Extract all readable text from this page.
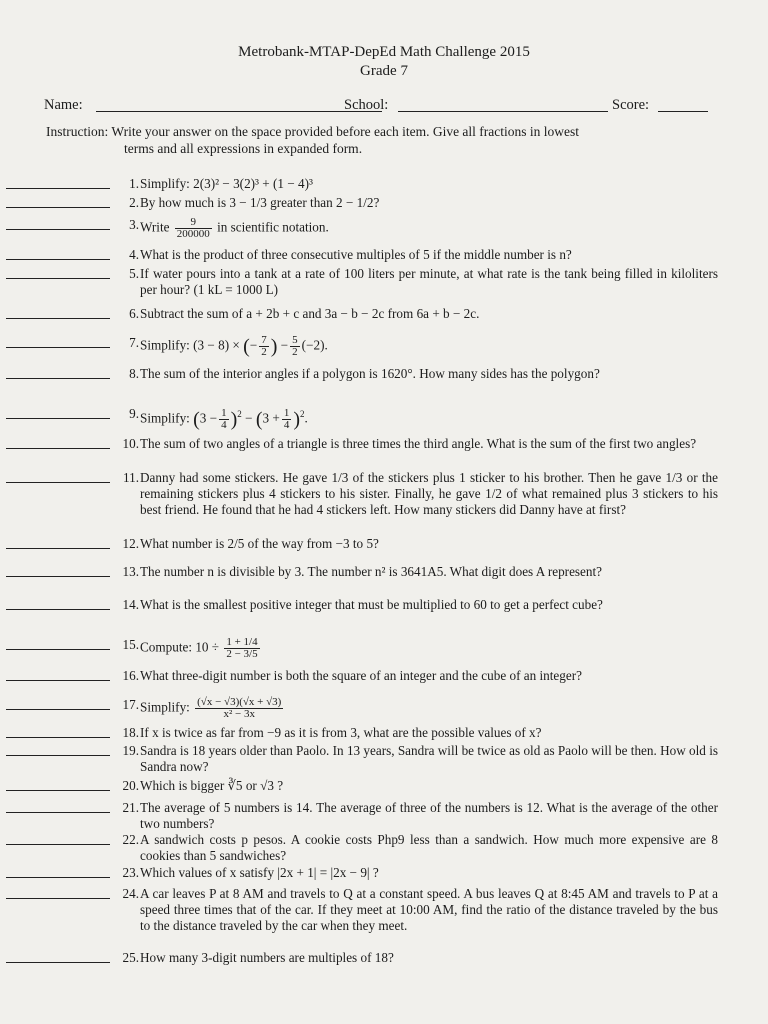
Metrobank-MTAP-DepEd Math Challenge 2015
Grade 7
Name:	School:	Score:
Instruction: Write your answer on the space provided before each item. Give all fractions in lowest
terms and all expressions in expanded form.
1. Simplify: 2(3)² − 3(2)³ + (1 − 4)³
2. By how much is 3 − 1/3 greater than 2 − 1/2?
3. Write $\frac{9}{200000}$ in scientific notation.
4. What is the product of three consecutive multiples of 5 if the middle number is n?
5. If water pours into a tank at a rate of 100 liters per minute, at what rate is the tank being filled in kiloliters per hour? (1 kL = 1000 L)
6. Subtract the sum of a + 2b + c and 3a − b − 2c from 6a + b − 2c.
7. Simplify: (3 − 8) × (− $\frac{7}{2}$ ) − $\frac{5}{2} (-2)$.
8. The sum of the interior angles if a polygon is 1620°. How many sides has the polygon?
9. Simplify: $(3 - \frac{1}{4} )^2 - (3 + \frac{1}{4} )^2$.
10. The sum of two angles of a triangle is three times the third angle. What is the sum of the first two angles?
11. Danny had some stickers. He gave 1/3 of the stickers plus 1 sticker to his brother. Then he gave 1/3 or the remaining stickers plus 4 stickers to his sister. Finally, he gave 1/2 of what remained plus 3 stickers to his best friend. He found that he had 4 stickers left. How many stickers did Danny have at first?
12. What number is 2/5 of the way from −3 to 5?
13. The number n is divisible by 3. The number n² is 3641A5. What digit does A represent?
14. What is the smallest positive integer that must be multiplied to 60 to get a perfect cube?
15. Compute: $10 \div \frac{1 + 1/4}{2 - 3/5}$
16. What three-digit number is both the square of an integer and the cube of an integer?
17. Simplify: $\frac{(√x - √3)(√x + √3)}{\text{x² − 3x}}$
18. If x is twice as far from −9 as it is from 3, what are the possible values of x?
19. Sandra is 18 years older than Paolo. In 13 years, Sandra will be twice as old as Paolo will be then. How old is Sandra now?
20. Which is bigger ∛5 or √3 ?
21. The average of 5 numbers is 14. The average of three of the numbers is 12. What is the average of the other two numbers?
22. A sandwich costs p pesos. A cookie costs Php9 less than a sandwich. How much more expensive are 8 cookies than 5 sandwiches?
23. Which values of x satisfy |2x + 1| = |2x − 9| ?
24. A car leaves P at 8 AM and travels to Q at a constant speed. A bus leaves Q at 8:45 AM and travels to P at a speed three times that of the car. If they meet at 10:00 AM, find the ratio of the distance traveled by the bus to the distance traveled by the car when they meet.
25. How many 3-digit numbers are multiples of 18?
